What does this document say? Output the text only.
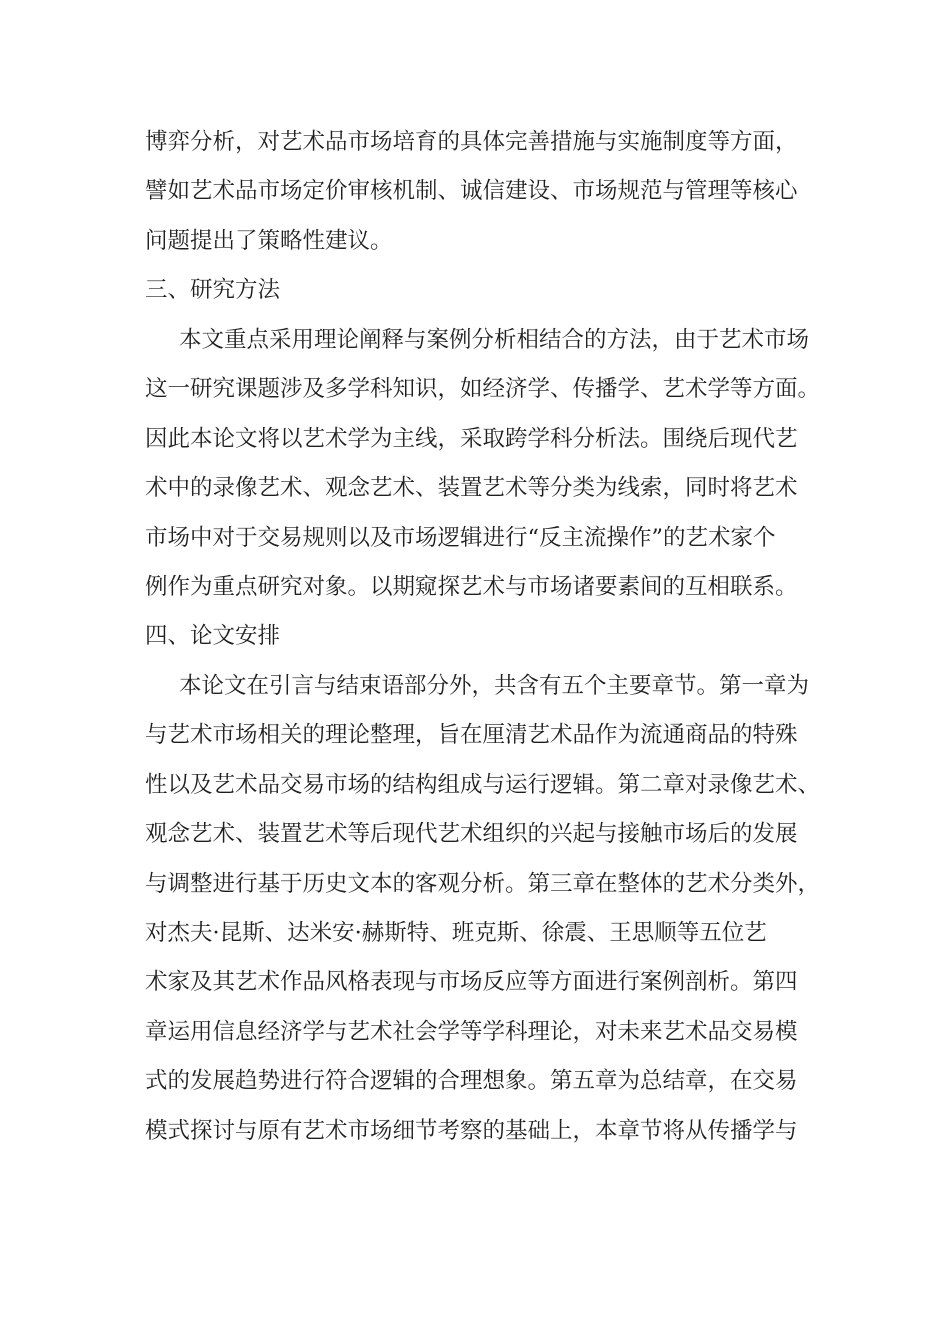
博弈分析，对艺术品市场培育的具体完善措施与实施制度等方面，
譬如艺术品市场定价审核机制、诚信建设、市场规范与管理等核心
问题提出了策略性建议。
三、研究方法
本文重点采用理论阐释与案例分析相结合的方法，由于艺术市场
这一研究课题涉及多学科知识，如经济学、传播学、艺术学等方面。
因此本论文将以艺术学为主线，采取跨学科分析法。围绕后现代艺
术中的录像艺术、观念艺术、装置艺术等分类为线索，同时将艺术
市场中对于交易规则以及市场逻辑进行“反主流操作”的艺术家个
例作为重点研究对象。以期窥探艺术与市场诸要素间的互相联系。
四、论文安排
本论文在引言与结束语部分外，共含有五个主要章节。第一章为
与艺术市场相关的理论整理，旨在厘清艺术品作为流通商品的特殊
性以及艺术品交易市场的结构组成与运行逻辑。第二章对录像艺术、
观念艺术、装置艺术等后现代艺术组织的兴起与接触市场后的发展
与调整进行基于历史文本的客观分析。第三章在整体的艺术分类外，
对杰夫·昆斯、达米安·赫斯特、班克斯、徐震、王思顺等五位艺
术家及其艺术作品风格表现与市场反应等方面进行案例剖析。第四
章运用信息经济学与艺术社会学等学科理论，对未来艺术品交易模
式的发展趋势进行符合逻辑的合理想象。第五章为总结章，在交易
模式探讨与原有艺术市场细节考察的基础上，本章节将从传播学与
